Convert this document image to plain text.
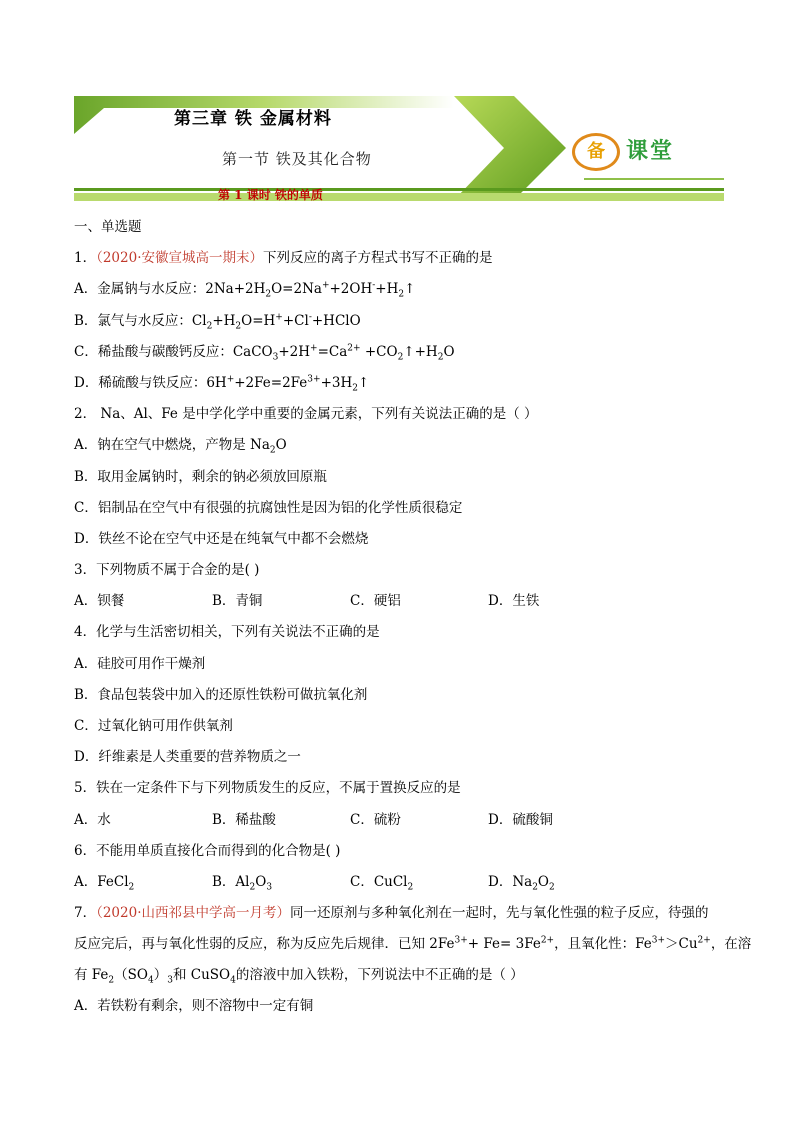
第三章 铁 金属材料
第一节 铁及其化合物
第 1 课时 铁的单质
备 课堂
一、单选题
1．（2020·安徽宣城高一期末）下列反应的离子方程式书写不正确的是
A．金属钠与水反应：$2Na+2H_2O=2Na^++2OH^-+H_2↑$
B．氯气与水反应：$Cl_2+H_2O=H^++Cl^-+HClO$
C．稀盐酸与碳酸钙反应：$CaCO_3+2H^+=Ca^{2+}$ $+CO_2↑+H_2O$
D．稀硫酸与铁反应：$6H^++2Fe=2Fe^{3+}+3H_2↑$
2． Na、Al、Fe 是中学化学中重要的金属元素，下列有关说法正确的是（ ）
A．钠在空气中燃烧，产物是 $Na_2O$
B．取用金属钠时，剩余的钠必须放回原瓶
C．铝制品在空气中有很强的抗腐蚀性是因为铝的化学性质很稳定
D．铁丝不论在空气中还是在纯氧气中都不会燃烧
3．下列物质不属于合金的是( )
A．钡餐	B．青铜	C．硬铝	D．生铁
4．化学与生活密切相关，下列有关说法不正确的是
A．硅胶可用作干燥剂
B．食品包装袋中加入的还原性铁粉可做抗氧化剂
C．过氧化钠可用作供氧剂
D．纤维素是人类重要的营养物质之一
5．铁在一定条件下与下列物质发生的反应，不属于置换反应的是
A．水	B．稀盐酸	C．硫粉	D．硫酸铜
6．不能用单质直接化合而得到的化合物是( )
A．FeCl$_2$	B．$Al_2O_3$	C．CuCl$_2$	D．$Na_2O_2$
7．（2020·山西祁县中学高一月考）同一还原剂与多种氧化剂在一起时，先与氧化性强的粒子反应，待强的
反应完后，再与氧化性弱的反应，称为反应先后规律．已知 $2Fe^{3+}+ Fe= 3Fe^{2+}$，且氧化性：$Fe^{3+}>Cu^{2+}$，在溶
有 $Fe_2(SO_4)_3$和 CuSO$_4$的溶液中加入铁粉，下列说法中不正确的是（ ）
A．若铁粉有剩余，则不溶物中一定有铜
